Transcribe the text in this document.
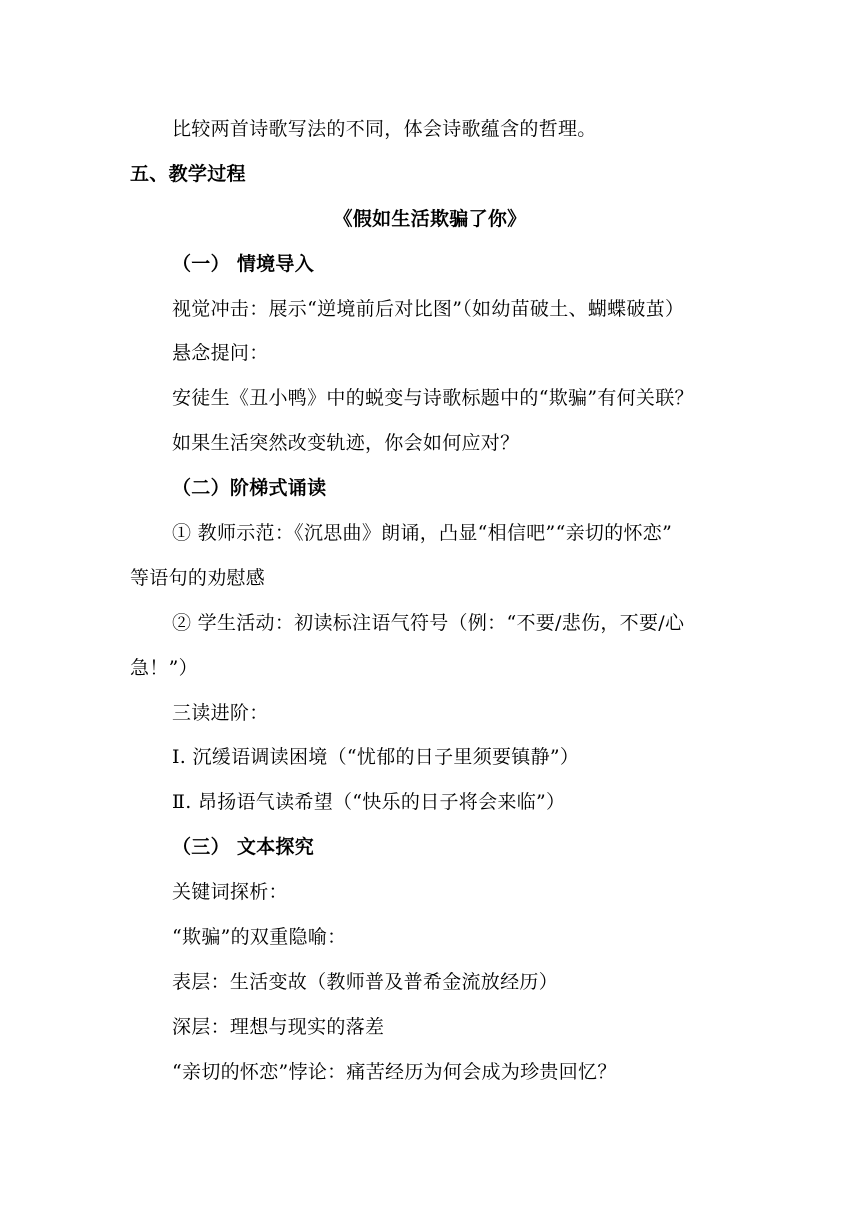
比较两首诗歌写法的不同，体会诗歌蕴含的哲理。
五、教学过程
《假如生活欺骗了你》
（一） 情境导入
视觉冲击：展示“逆境前后对比图”（如幼苗破土、蝴蝶破茧）
悬念提问：
安徒生《丑小鸭》中的蜕变与诗歌标题中的“欺骗”有何关联？
如果生活突然改变轨迹，你会如何应对？
（二）阶梯式诵读
① 教师示范：《沉思曲》朗诵，凸显“相信吧”“亲切的怀恋”
等语句的劝慰感
② 学生活动：初读标注语气符号（例：“不要/悲伤，不要/心
急！”）
三读进阶：
Ⅰ. 沉缓语调读困境（“忧郁的日子里须要镇静”）
Ⅱ. 昂扬语气读希望（“快乐的日子将会来临”）
（三） 文本探究
关键词探析：
“欺骗”的双重隐喻：
表层：生活变故（教师普及普希金流放经历）
深层：理想与现实的落差
“亲切的怀恋”悖论：痛苦经历为何会成为珍贵回忆？
